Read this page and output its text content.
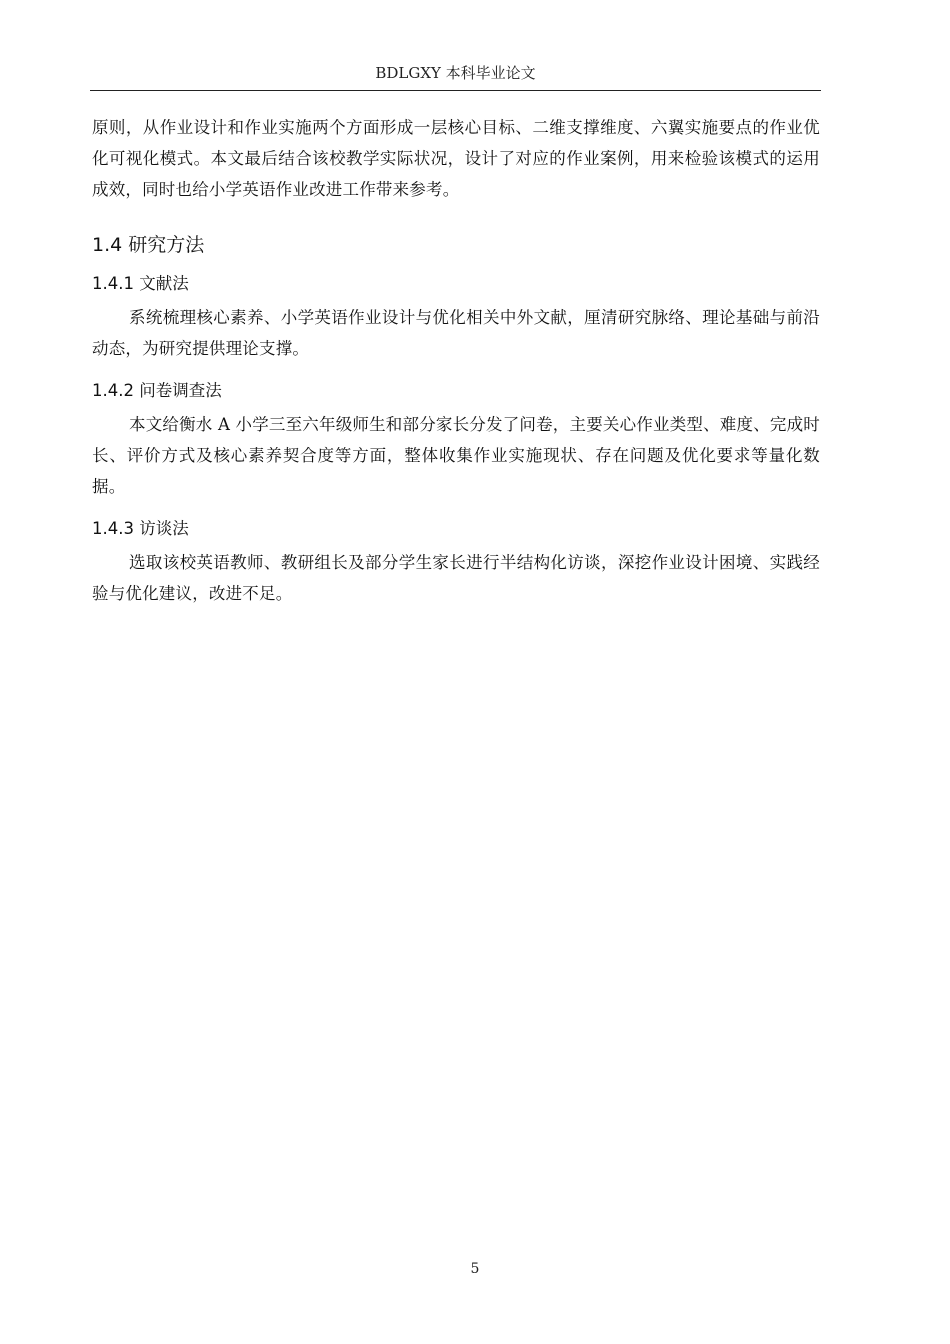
BDLGXY 本科毕业论文

原则，从作业设计和作业实施两个方面形成一层核心目标、二维支撑维度、六翼实施要点的作业优化可视化模式。本文最后结合该校教学实际状况，设计了对应的作业案例，用来检验该模式的运用成效，同时也给小学英语作业改进工作带来参考。

1.4 研究方法
1.4.1 文献法

系统梳理核心素养、小学英语作业设计与优化相关中外文献，厘清研究脉络、理论基础与前沿动态，为研究提供理论支撑。

1.4.2 问卷调查法

本文给衡水 A 小学三至六年级师生和部分家长分发了问卷，主要关心作业类型、难度、完成时长、评价方式及核心素养契合度等方面，整体收集作业实施现状、存在问题及优化要求等量化数据。

1.4.3 访谈法

选取该校英语教师、教研组长及部分学生家长进行半结构化访谈，深挖作业设计困境、实践经验与优化建议，改进不足。

5
